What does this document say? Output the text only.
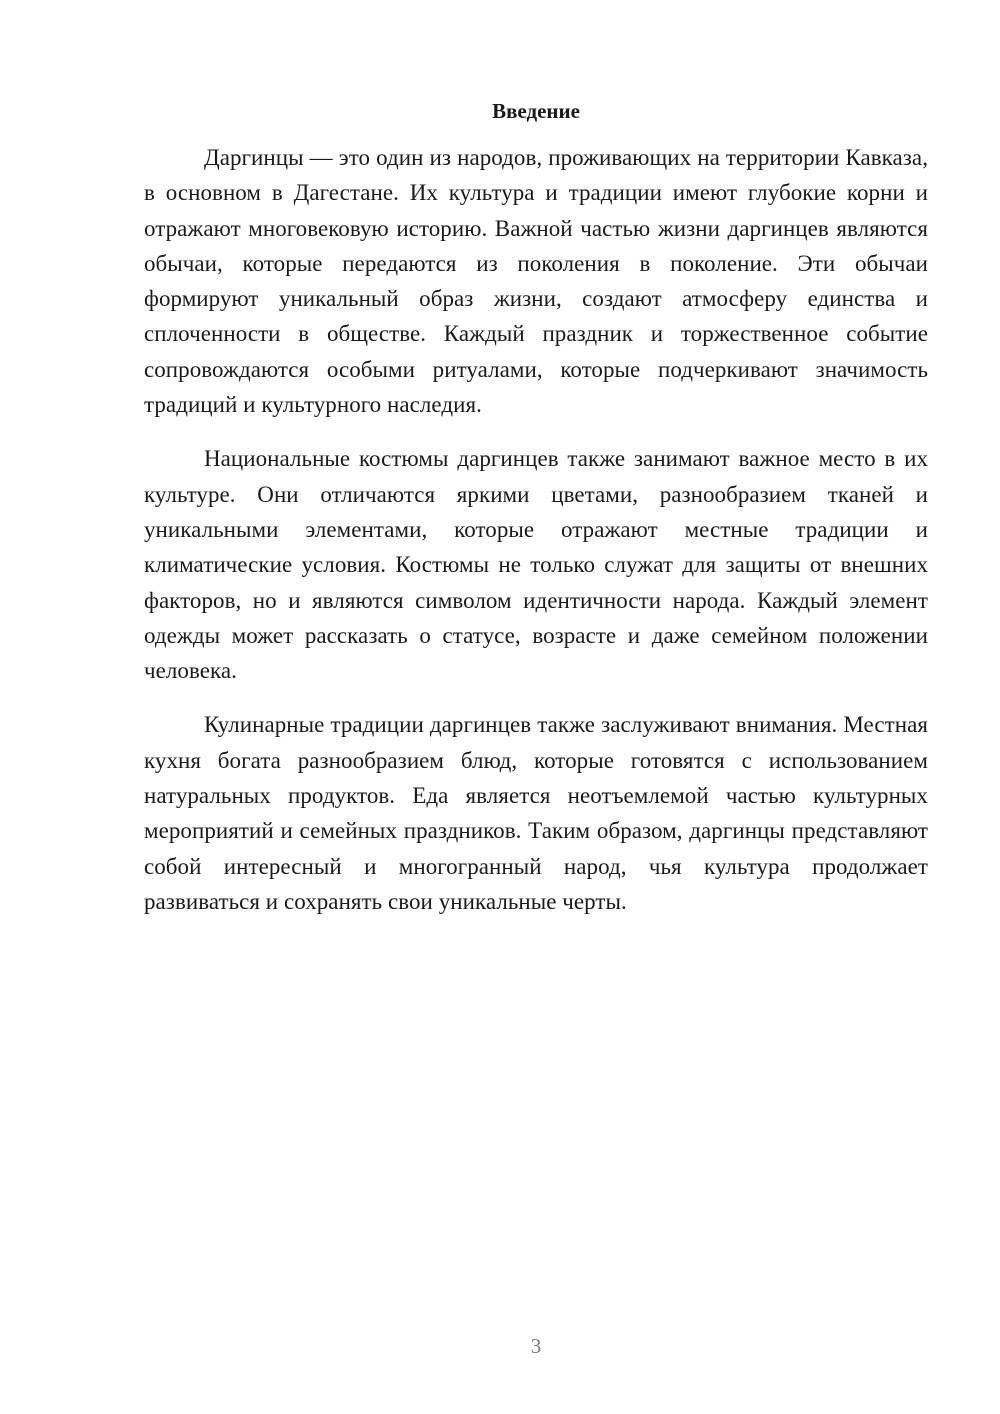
Введение

Даргинцы — это один из народов, проживающих на территории Кавказа, в основном в Дагестане. Их культура и традиции имеют глубокие корни и отражают многовековую историю. Важной частью жизни даргинцев являются обычаи, которые передаются из поколения в поколение. Эти обычаи формируют уникальный образ жизни, создают атмосферу единства и сплоченности в обществе. Каждый праздник и торжественное событие сопровождаются особыми ритуалами, которые подчеркивают значимость традиций и культурного наследия.

Национальные костюмы даргинцев также занимают важное место в их культуре. Они отличаются яркими цветами, разнообразием тканей и уникальными элементами, которые отражают местные традиции и климатические условия. Костюмы не только служат для защиты от внешних факторов, но и являются символом идентичности народа. Каждый элемент одежды может рассказать о статусе, возрасте и даже семейном положении человека.

Кулинарные традиции даргинцев также заслуживают внимания. Местная кухня богата разнообразием блюд, которые готовятся с использованием натуральных продуктов. Еда является неотъемлемой частью культурных мероприятий и семейных праздников. Таким образом, даргинцы представляют собой интересный и многогранный народ, чья культура продолжает развиваться и сохранять свои уникальные черты.

3
